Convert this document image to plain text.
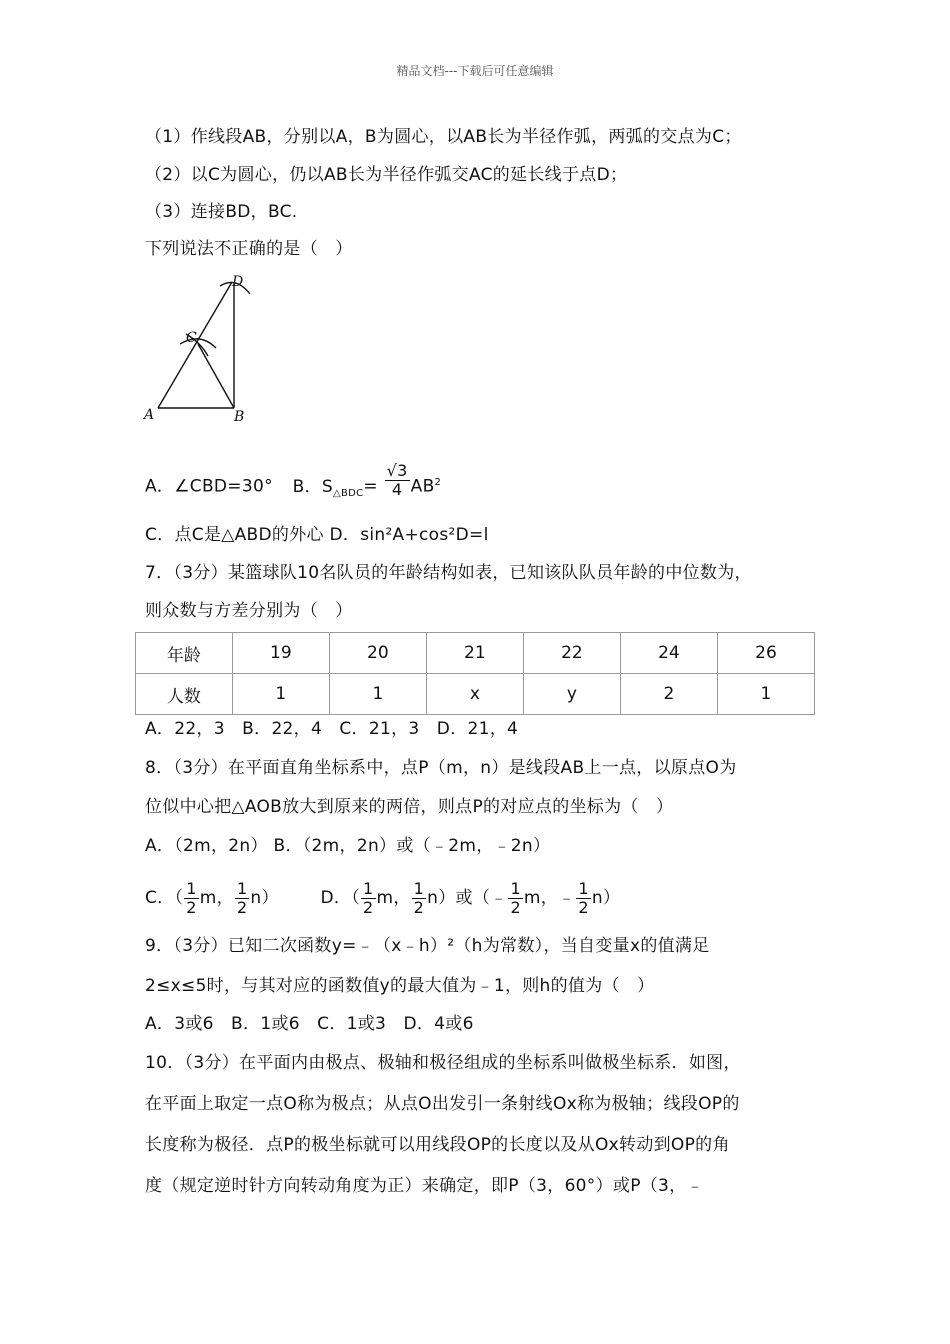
精品文档---下载后可任意编辑
（1）作线段AB，分别以A，B为圆心，以AB长为半径作弧，两弧的交点为C；
（2）以C为圆心，仍以AB长为半径作弧交AC的延长线于点D；
（3）连接BD，BC.
下列说法不正确的是（　）
A	B
C
D
A．∠CBD=30° B．$S_{\triangle BDC}= \frac{√3}{4} AB^2$
C．点C是△ABD的外心 D．sin²A+cos²D=l
7．（3分）某篮球队10名队员的年龄结构如表，已知该队队员年龄的中位数为，
则众数与方差分别为（　）
年龄	19	20	21	22	24	26
人数	1	1	x	y	2	1
A．22，3　B．22，4　C．21，3　D．21，4
8．（3分）在平面直角坐标系中，点P（m，n）是线段AB上一点，以原点O为
位似中心把△AOB放大到原来的两倍，则点P的对应点的坐标为（　）
A．（2m，2n） B．（2m，2n）或（﹣2m，﹣2n）
C．（ $\frac{1}{2}$ m， $\frac{1}{2} n$） D．（ $\frac{1}{2}$ m， $\frac{1}{2} n$）或（﹣ $\frac{1}{2}$ m，﹣ $\frac{1}{2} n$）
9．（3分）已知二次函数y=﹣（x﹣h）²（h为常数），当自变量x的值满足
2≤x≤5时，与其对应的函数值y的最大值为﹣1，则h的值为（　）
A．3或6　B．1或6　C．1或3　D．4或6
10．（3分）在平面内由极点、极轴和极径组成的坐标系叫做极坐标系．如图，
在平面上取定一点O称为极点；从点O出发引一条射线Ox称为极轴；线段OP的
长度称为极径．点P的极坐标就可以用线段OP的长度以及从Ox转动到OP的角
度（规定逆时针方向转动角度为正）来确定，即P（3，60°）或P（3，﹣
